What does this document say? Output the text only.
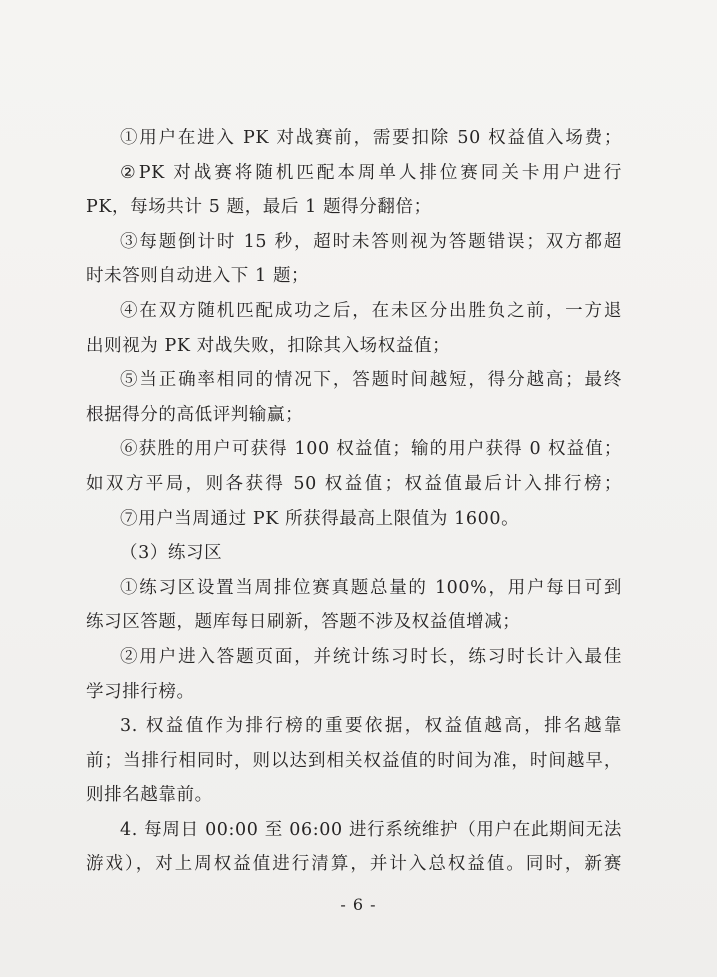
①用户在进入 PK 对战赛前，需要扣除 50 权益值入场费；
②PK 对战赛将随机匹配本周单人排位赛同关卡用户进行
PK，每场共计 5 题，最后 1 题得分翻倍；
③每题倒计时 15 秒，超时未答则视为答题错误；双方都超
时未答则自动进入下 1 题；
④在双方随机匹配成功之后，在未区分出胜负之前，一方退
出则视为 PK 对战失败，扣除其入场权益值；
⑤当正确率相同的情况下，答题时间越短，得分越高；最终
根据得分的高低评判输赢；
⑥获胜的用户可获得 100 权益值；输的用户获得 0 权益值；
如双方平局，则各获得 50 权益值；权益值最后计入排行榜；
⑦用户当周通过 PK 所获得最高上限值为 1600。
（3）练习区
①练习区设置当周排位赛真题总量的 100%，用户每日可到
练习区答题，题库每日刷新，答题不涉及权益值增减；
②用户进入答题页面，并统计练习时长，练习时长计入最佳
学习排行榜。
3. 权益值作为排行榜的重要依据，权益值越高，排名越靠
前；当排行相同时，则以达到相关权益值的时间为准，时间越早，
则排名越靠前。
4. 每周日 00:00 至 06:00 进行系统维护（用户在此期间无法
游戏），对上周权益值进行清算，并计入总权益值。同时，新赛
- 6 -
